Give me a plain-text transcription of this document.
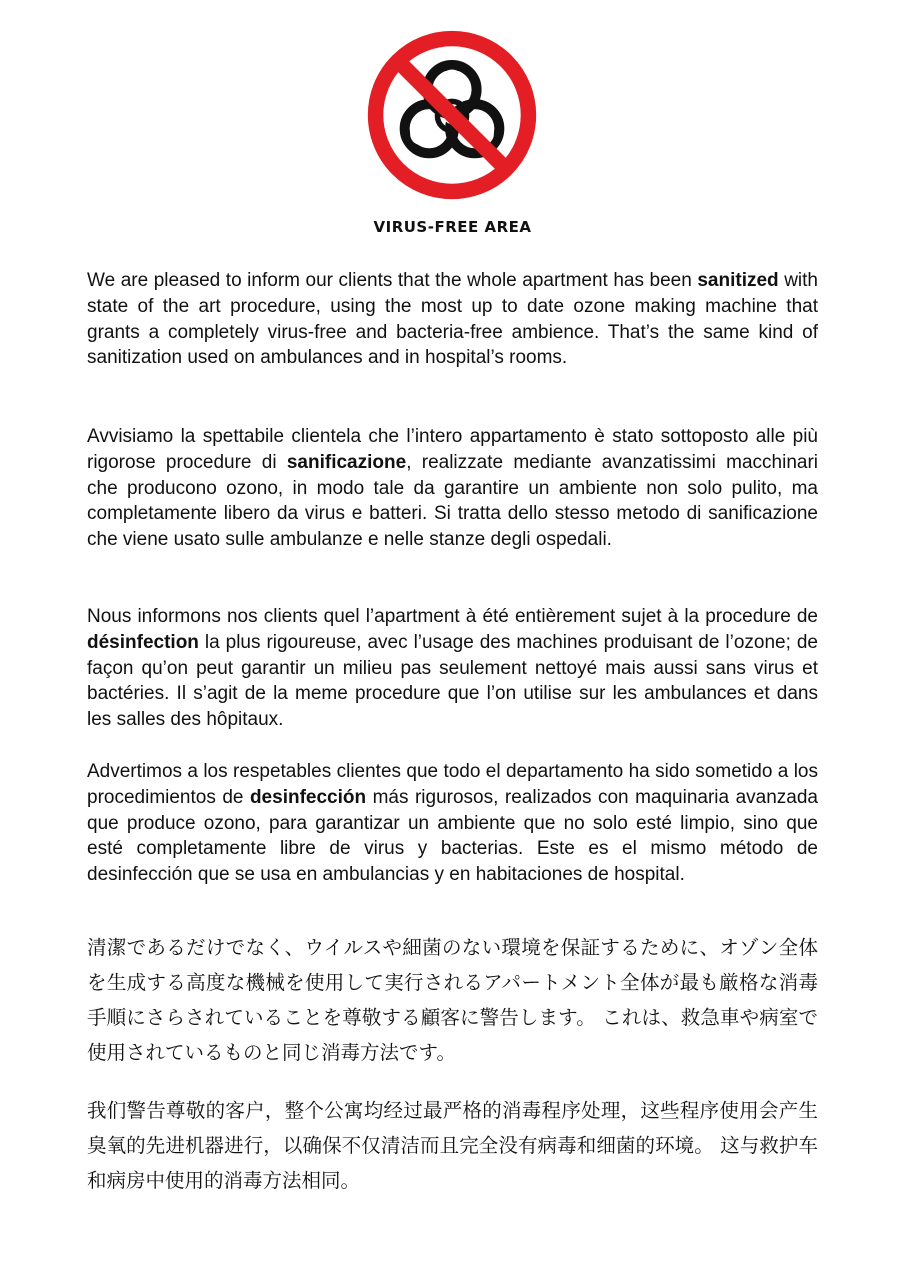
VIRUS-FREE AREA

We are pleased to inform our clients that the whole apartment has been sanitized with state of the art procedure, using the most up to date ozone making machine that grants a completely virus-free and bacteria-free ambience. That’s the same kind of sanitization used on ambulances and in hospital’s rooms.

Avvisiamo la spettabile clientela che l’intero appartamento è stato sottoposto alle più rigorose procedure di sanificazione, realizzate mediante avanzatissimi macchinari che producono ozono, in modo tale da garantire un ambiente non solo pulito, ma completamente libero da virus e batteri. Si tratta dello stesso metodo di sanificazione che viene usato sulle ambulanze e nelle stanze degli ospedali.

Nous informons nos clients quel l’apartment à été entièrement sujet à la procedure de désinfection la plus rigoureuse, avec l’usage des machines produisant de l’ozone; de façon qu’on peut garantir un milieu pas seulement nettoyé mais aussi sans virus et bactéries. Il s’agit de la meme procedure que l’on utilise sur les ambulances et dans les salles des hôpitaux.

Advertimos a los respetables clientes que todo el departamento ha sido sometido a los procedimientos de desinfección más rigurosos, realizados con maquinaria avanzada que produce ozono, para garantizar un ambiente que no solo esté limpio, sino que esté completamente libre de virus y bacterias. Este es el mismo método de desinfección que se usa en ambulancias y en habitaciones de hospital.

清潔であるだけでなく、ウイルスや細菌のない環境を保証するために、オゾン全体を生成する高度な機械を使用して実行されるアパートメント全体が最も厳格な消毒手順にさらされていることを尊敬する顧客に警告します。 これは、救急車や病室で使用されているものと同じ消毒方法です。

我们警告尊敬的客户，整个公寓均经过最严格的消毒程序处理，这些程序使用会产生臭氧的先进机器进行，以确保不仅清洁而且完全没有病毒和细菌的环境。 这与救护车和病房中使用的消毒方法相同。
